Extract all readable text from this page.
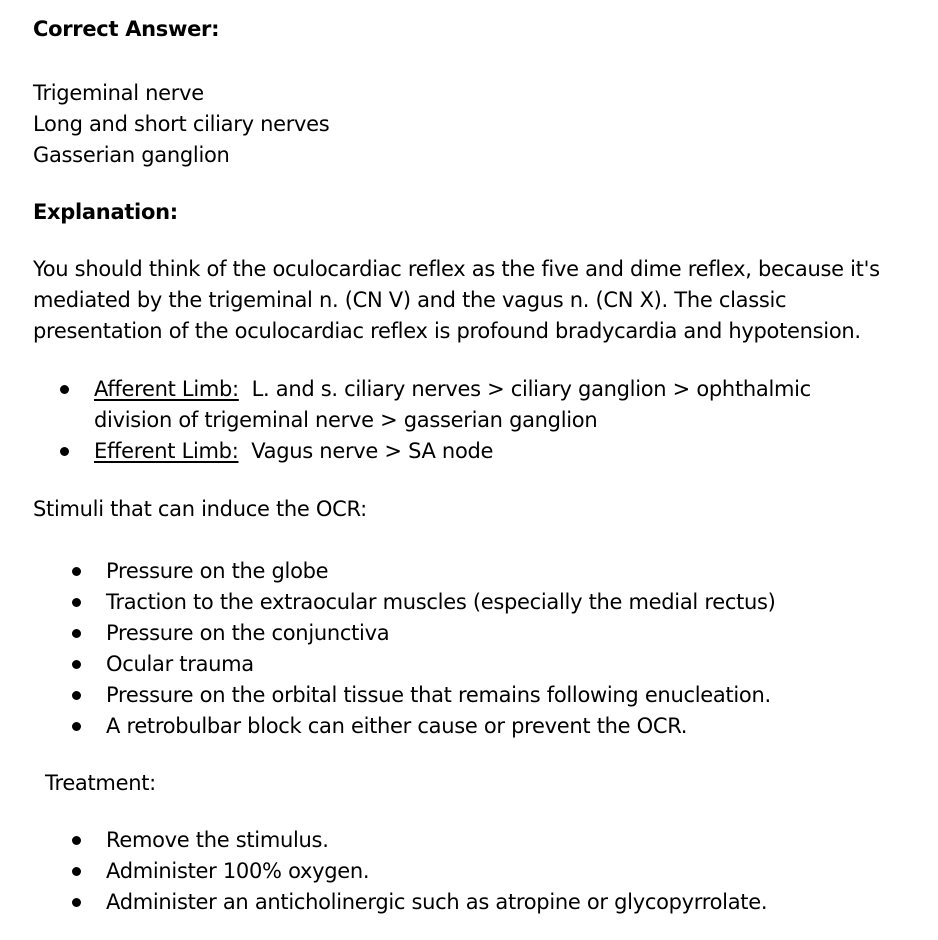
Correct Answer:
Trigeminal nerve
Long and short ciliary nerves
Gasserian ganglion
Explanation:
You should think of the oculocardiac reflex as the five and dime reflex, because it's mediated by the trigeminal n. (CN V) and the vagus n. (CN X). The classic presentation of the oculocardiac reflex is profound bradycardia and hypotension.
Afferent Limb: L. and s. ciliary nerves > ciliary ganglion > ophthalmic division of trigeminal nerve > gasserian ganglion
Efferent Limb: Vagus nerve > SA node
Stimuli that can induce the OCR:
Pressure on the globe
Traction to the extraocular muscles (especially the medial rectus)
Pressure on the conjunctiva
Ocular trauma
Pressure on the orbital tissue that remains following enucleation.
A retrobulbar block can either cause or prevent the OCR.
Treatment:
Remove the stimulus.
Administer 100% oxygen.
Administer an anticholinergic such as atropine or glycopyrrolate.
